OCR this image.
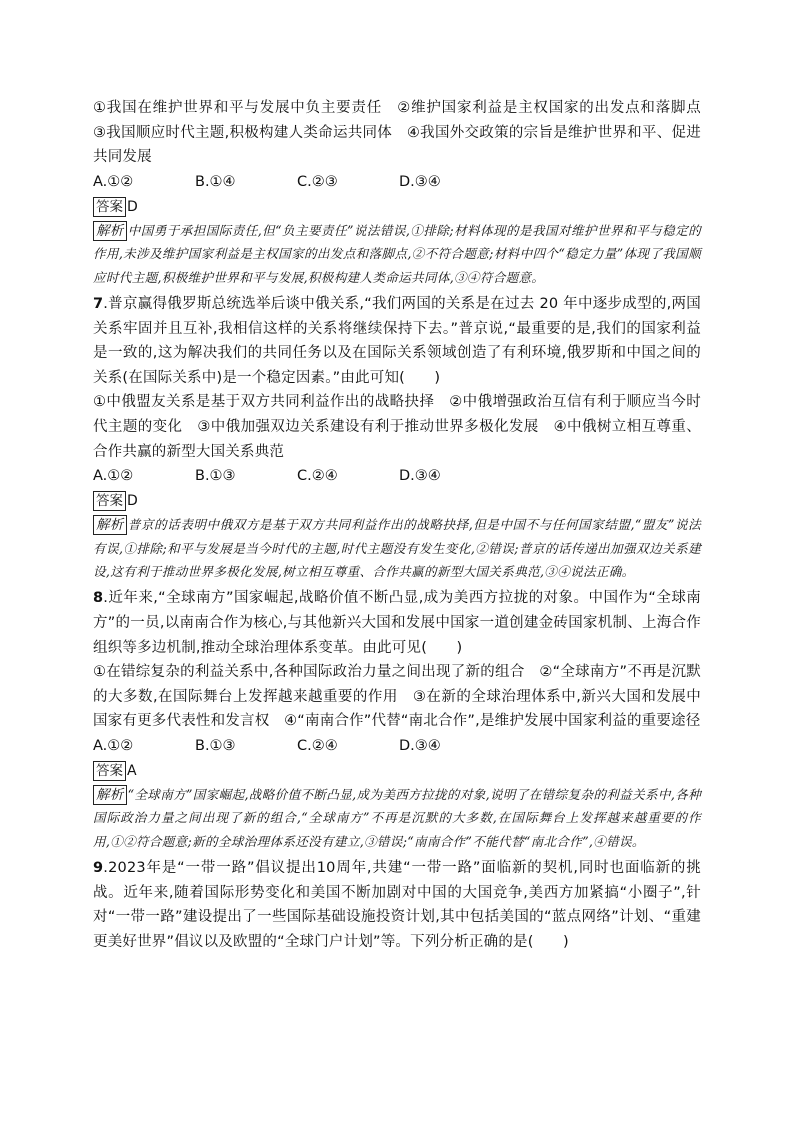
①我国在维护世界和平与发展中负主要责任　②维护国家利益是主权国家的出发点和落脚点　③我国顺应时代主题,积极构建人类命运共同体　④我国外交政策的宗旨是维护世界和平、促进共同发展

A.①②	B.①④	C.②③	D.③④

答案 D

解析 中国勇于承担国际责任,但“负主要责任”说法错误,①排除;材料体现的是我国对维护世界和平与稳定的作用,未涉及维护国家利益是主权国家的出发点和落脚点,②不符合题意;材料中四个“稳定力量”体现了我国顺应时代主题,积极维护世界和平与发展,积极构建人类命运共同体,③④符合题意。

7.普京赢得俄罗斯总统选举后谈中俄关系,“我们两国的关系是在过去 20 年中逐步成型的,两国关系牢固并且互补,我相信这样的关系将继续保持下去。”普京说,“最重要的是,我们的国家利益是一致的,这为解决我们的共同任务以及在国际关系领域创造了有利环境,俄罗斯和中国之间的关系(在国际关系中)是一个稳定因素。”由此可知(　　)

①中俄盟友关系是基于双方共同利益作出的战略抉择　②中俄增强政治互信有利于顺应当今时代主题的变化　③中俄加强双边关系建设有利于推动世界多极化发展　④中俄树立相互尊重、合作共赢的新型大国关系典范

A.①②	B.①③	C.②④	D.③④

答案 D

解析 普京的话表明中俄双方是基于双方共同利益作出的战略抉择,但是中国不与任何国家结盟,“盟友”说法有误,①排除;和平与发展是当今时代的主题,时代主题没有发生变化,②错误;普京的话传递出加强双边关系建设,这有利于推动世界多极化发展,树立相互尊重、合作共赢的新型大国关系典范,③④说法正确。

8.近年来,“全球南方”国家崛起,战略价值不断凸显,成为美西方拉拢的对象。中国作为“全球南方”的一员,以南南合作为核心,与其他新兴大国和发展中国家一道创建金砖国家机制、上海合作组织等多边机制,推动全球治理体系变革。由此可见(　　)

①在错综复杂的利益关系中,各种国际政治力量之间出现了新的组合　②“全球南方”不再是沉默的大多数,在国际舞台上发挥越来越重要的作用　③在新的全球治理体系中,新兴大国和发展中国家有更多代表性和发言权　④“南南合作”代替“南北合作”,是维护发展中国家利益的重要途径

A.①②	B.①③	C.②④	D.③④

答案 A

解析 “全球南方”国家崛起,战略价值不断凸显,成为美西方拉拢的对象,说明了在错综复杂的利益关系中,各种国际政治力量之间出现了新的组合,“全球南方”不再是沉默的大多数,在国际舞台上发挥越来越重要的作用,①②符合题意;新的全球治理体系还没有建立,③错误;“南南合作”不能代替“南北合作”,④错误。

9.2023年是“一带一路”倡议提出10周年,共建“一带一路”面临新的契机,同时也面临新的挑战。近年来,随着国际形势变化和美国不断加剧对中国的大国竞争,美西方加紧搞“小圈子”,针对“一带一路”建设提出了一些国际基础设施投资计划,其中包括美国的“蓝点网络”计划、“重建更美好世界”倡议以及欧盟的“全球门户计划”等。下列分析正确的是(　　)
